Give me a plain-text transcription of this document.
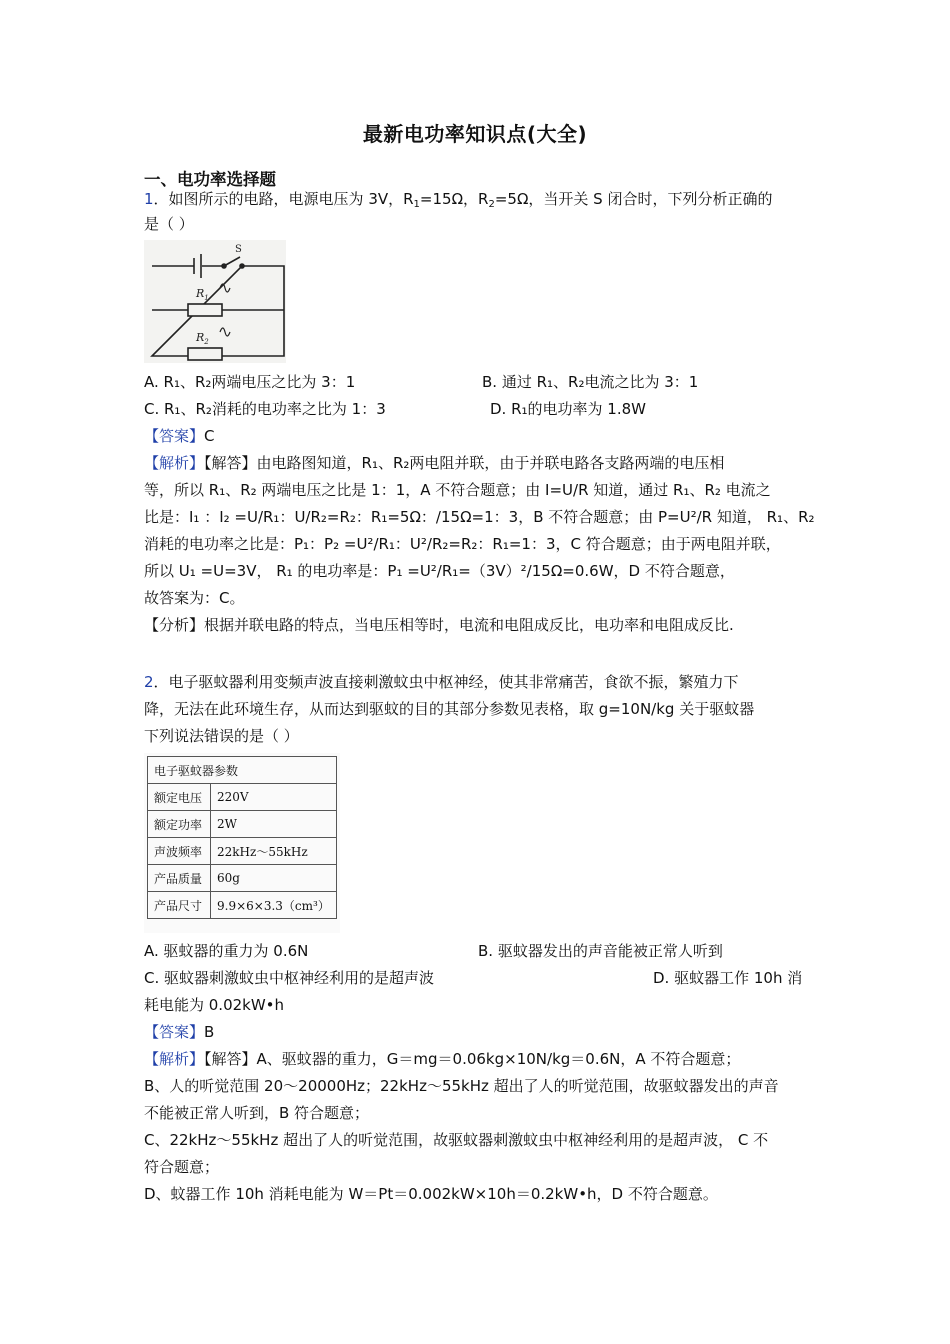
最新电功率知识点(大全)
一、电功率选择题
1．如图所示的电路，电源电压为 3V，$R_1=15\Omega$，$R_2=5\Omega$，当开关 S 闭合时，下列分析正确的
是（ ）
S
$R_1$
$R_2$
A. R₁、R₂两端电压之比为 3：1	B. 通过 R₁、R₂电流之比为 3：1
C. R₁、R₂消耗的电功率之比为 1：3	D. R₁的电功率为 1.8W
【答案】C
【解析】【解答】由电路图知道，R₁、R₂两电阻并联，由于并联电路各支路两端的电压相
等，所以 R₁、R₂ 两端电压之比是 1：1，A 不符合题意；由 I=U/R 知道，通过 R₁、R₂ 电流之
比是：I₁ ：I₂ =U/R₁：U/R₂=R₂：R₁=5Ω：/15Ω=1：3，B 不符合题意；由 P=U²/R 知道， R₁、R₂
消耗的电功率之比是：P₁：P₂ =U²/R₁：U²/R₂=R₂：R₁=1：3，C 符合题意；由于两电阻并联，
所以 U₁ =U=3V， R₁ 的电功率是：P₁ =U²/R₁=（3V）²/15Ω=0.6W，D 不符合题意，
故答案为：C。
【分析】根据并联电路的特点，当电压相等时，电流和电阻成反比，电功率和电阻成反比.
2．电子驱蚊器利用变频声波直接刺激蚊虫中枢神经，使其非常痛苦，食欲不振，繁殖力下
降，无法在此环境生存，从而达到驱蚊的目的其部分参数见表格，取 g=10N/kg 关于驱蚊器
下列说法错误的是（ ）
电子驱蚊器参数	
额定电压	220V
额定功率	2W
声波频率	22kHz～55kHz
产品质量	60g
产品尺寸	9.9×6×3.3（cm³）
A. 驱蚊器的重力为 0.6N	B. 驱蚊器发出的声音能被正常人听到
C. 驱蚊器刺激蚊虫中枢神经利用的是超声波	D. 驱蚊器工作 10h 消
耗电能为 0.02kW•h
【答案】B
【解析】【解答】A、驱蚊器的重力，G＝mg＝0.06kg×10N/kg＝0.6N，A 不符合题意；
B、人的听觉范围 20～20000Hz；22kHz～55kHz 超出了人的听觉范围，故驱蚊器发出的声音
不能被正常人听到，B 符合题意；
C、22kHz～55kHz 超出了人的听觉范围，故驱蚊器刺激蚊虫中枢神经利用的是超声波， C 不
符合题意；
D、蚊器工作 10h 消耗电能为 W＝Pt＝0.002kW×10h＝0.2kW•h，D 不符合题意。
